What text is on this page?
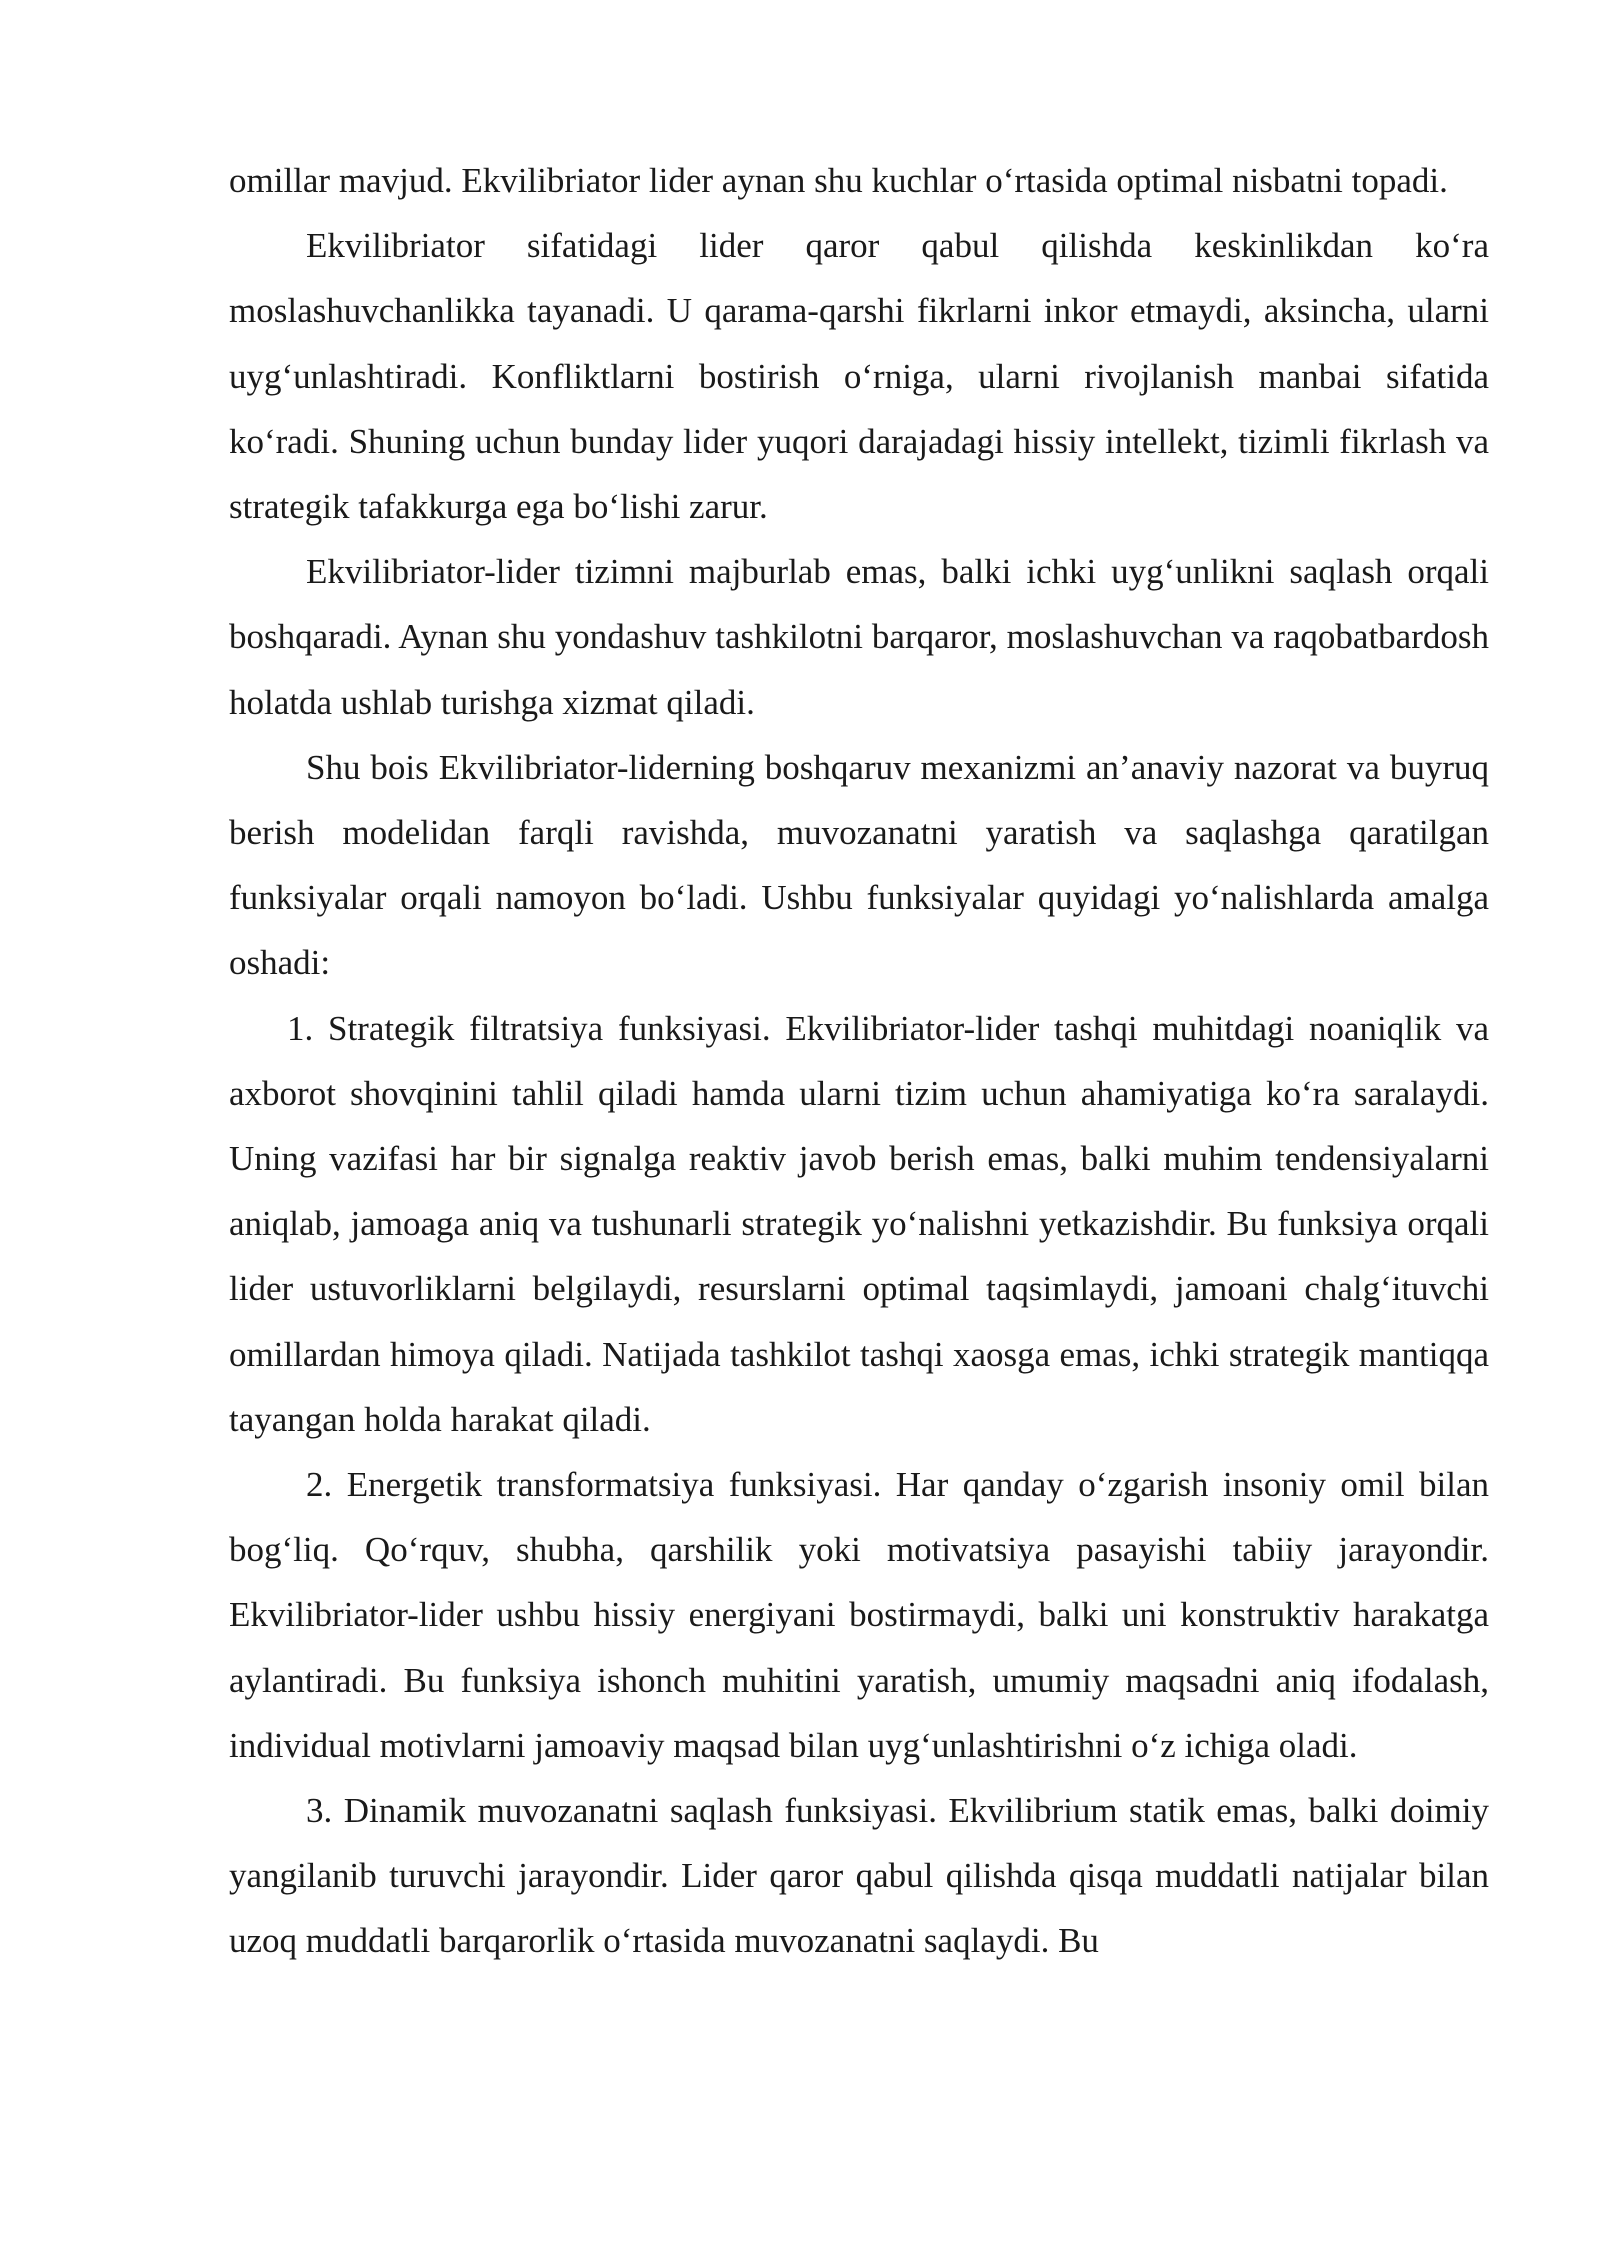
omillar mavjud. Ekvilibriator lider aynan shu kuchlar o‘rtasida optimal nisbatni topadi.

Ekvilibriator sifatidagi lider qaror qabul qilishda keskinlikdan ko‘ra moslashuvchanlikka tayanadi. U qarama-qarshi fikrlarni inkor etmaydi, aksincha, ularni uyg‘unlashtiradi. Konfliktlarni bostirish o‘rniga, ularni rivojlanish manbai sifatida ko‘radi. Shuning uchun bunday lider yuqori darajadagi hissiy intellekt, tizimli fikrlash va strategik tafakkurga ega bo‘lishi zarur.

Ekvilibriator-lider tizimni majburlab emas, balki ichki uyg‘unlikni saqlash orqali boshqaradi. Aynan shu yondashuv tashkilotni barqaror, moslashuvchan va raqobatbardosh holatda ushlab turishga xizmat qiladi.

Shu bois Ekvilibriator-liderning boshqaruv mexanizmi an’anaviy nazorat va buyruq berish modelidan farqli ravishda, muvozanatni yaratish va saqlashga qaratilgan funksiyalar orqali namoyon bo‘ladi. Ushbu funksiyalar quyidagi yo‘nalishlarda amalga oshadi:

1. Strategik filtratsiya funksiyasi. Ekvilibriator-lider tashqi muhitdagi noaniqlik va axborot shovqinini tahlil qiladi hamda ularni tizim uchun ahamiyatiga ko‘ra saralaydi. Uning vazifasi har bir signalga reaktiv javob berish emas, balki muhim tendensiyalarni aniqlab, jamoaga aniq va tushunarli strategik yo‘nalishni yetkazishdir. Bu funksiya orqali lider ustuvorliklarni belgilaydi, resurslarni optimal taqsimlaydi, jamoani chalg‘ituvchi omillardan himoya qiladi. Natijada tashkilot tashqi xaosga emas, ichki strategik mantiqqa tayangan holda harakat qiladi.

2. Energetik transformatsiya funksiyasi. Har qanday o‘zgarish insoniy omil bilan bog‘liq. Qo‘rquv, shubha, qarshilik yoki motivatsiya pasayishi tabiiy jarayondir. Ekvilibriator-lider ushbu hissiy energiyani bostirmaydi, balki uni konstruktiv harakatga aylantiradi. Bu funksiya ishonch muhitini yaratish, umumiy maqsadni aniq ifodalash, individual motivlarni jamoaviy maqsad bilan uyg‘unlashtirishni o‘z ichiga oladi.

3. Dinamik muvozanatni saqlash funksiyasi. Ekvilibrium statik emas, balki doimiy yangilanib turuvchi jarayondir. Lider qaror qabul qilishda qisqa muddatli natijalar bilan uzoq muddatli barqarorlik o‘rtasida muvozanatni saqlaydi. Bu
